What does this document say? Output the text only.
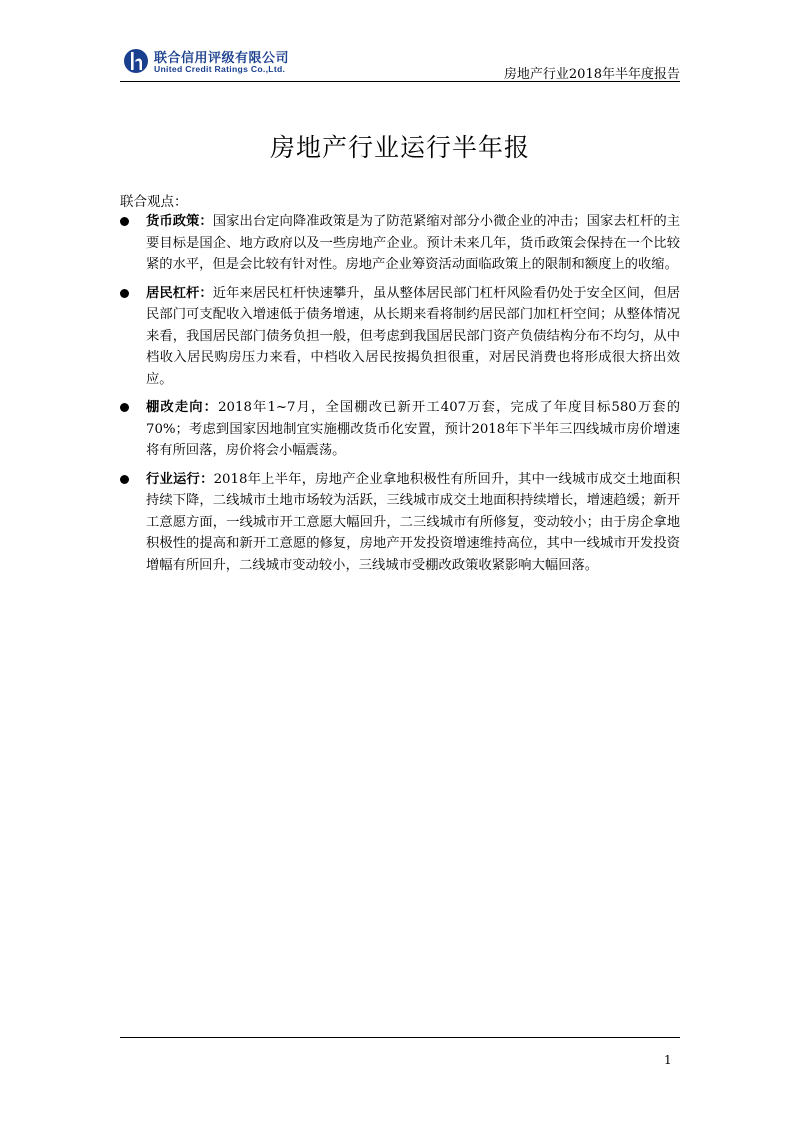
联合信用评级有限公司
United Credit Ratings Co.,Ltd.	房地产行业2018年半年度报告
房地产行业运行半年报
联合观点：
货币政策：国家出台定向降准政策是为了防范紧缩对部分小微企业的冲击；国家去杠杆的主要目标是国企、地方政府以及一些房地产企业。预计未来几年，货币政策会保持在一个比较紧的水平，但是会比较有针对性。房地产企业筹资活动面临政策上的限制和额度上的收缩。
居民杠杆：近年来居民杠杆快速攀升，虽从整体居民部门杠杆风险看仍处于安全区间，但居民部门可支配收入增速低于债务增速，从长期来看将制约居民部门加杠杆空间；从整体情况来看，我国居民部门债务负担一般，但考虑到我国居民部门资产负债结构分布不均匀，从中档收入居民购房压力来看，中档收入居民按揭负担很重，对居民消费也将形成很大挤出效应。
棚改走向：2018年1~7月，全国棚改已新开工407万套，完成了年度目标580万套的70%；考虑到国家因地制宜实施棚改货币化安置，预计2018年下半年三四线城市房价增速将有所回落，房价将会小幅震荡。
行业运行：2018年上半年，房地产企业拿地积极性有所回升，其中一线城市成交土地面积持续下降，二线城市土地市场较为活跃，三线城市成交土地面积持续增长，增速趋缓；新开工意愿方面，一线城市开工意愿大幅回升，二三线城市有所修复，变动较小；由于房企拿地积极性的提高和新开工意愿的修复，房地产开发投资增速维持高位，其中一线城市开发投资增幅有所回升，二线城市变动较小，三线城市受棚改政策收紧影响大幅回落。
1
